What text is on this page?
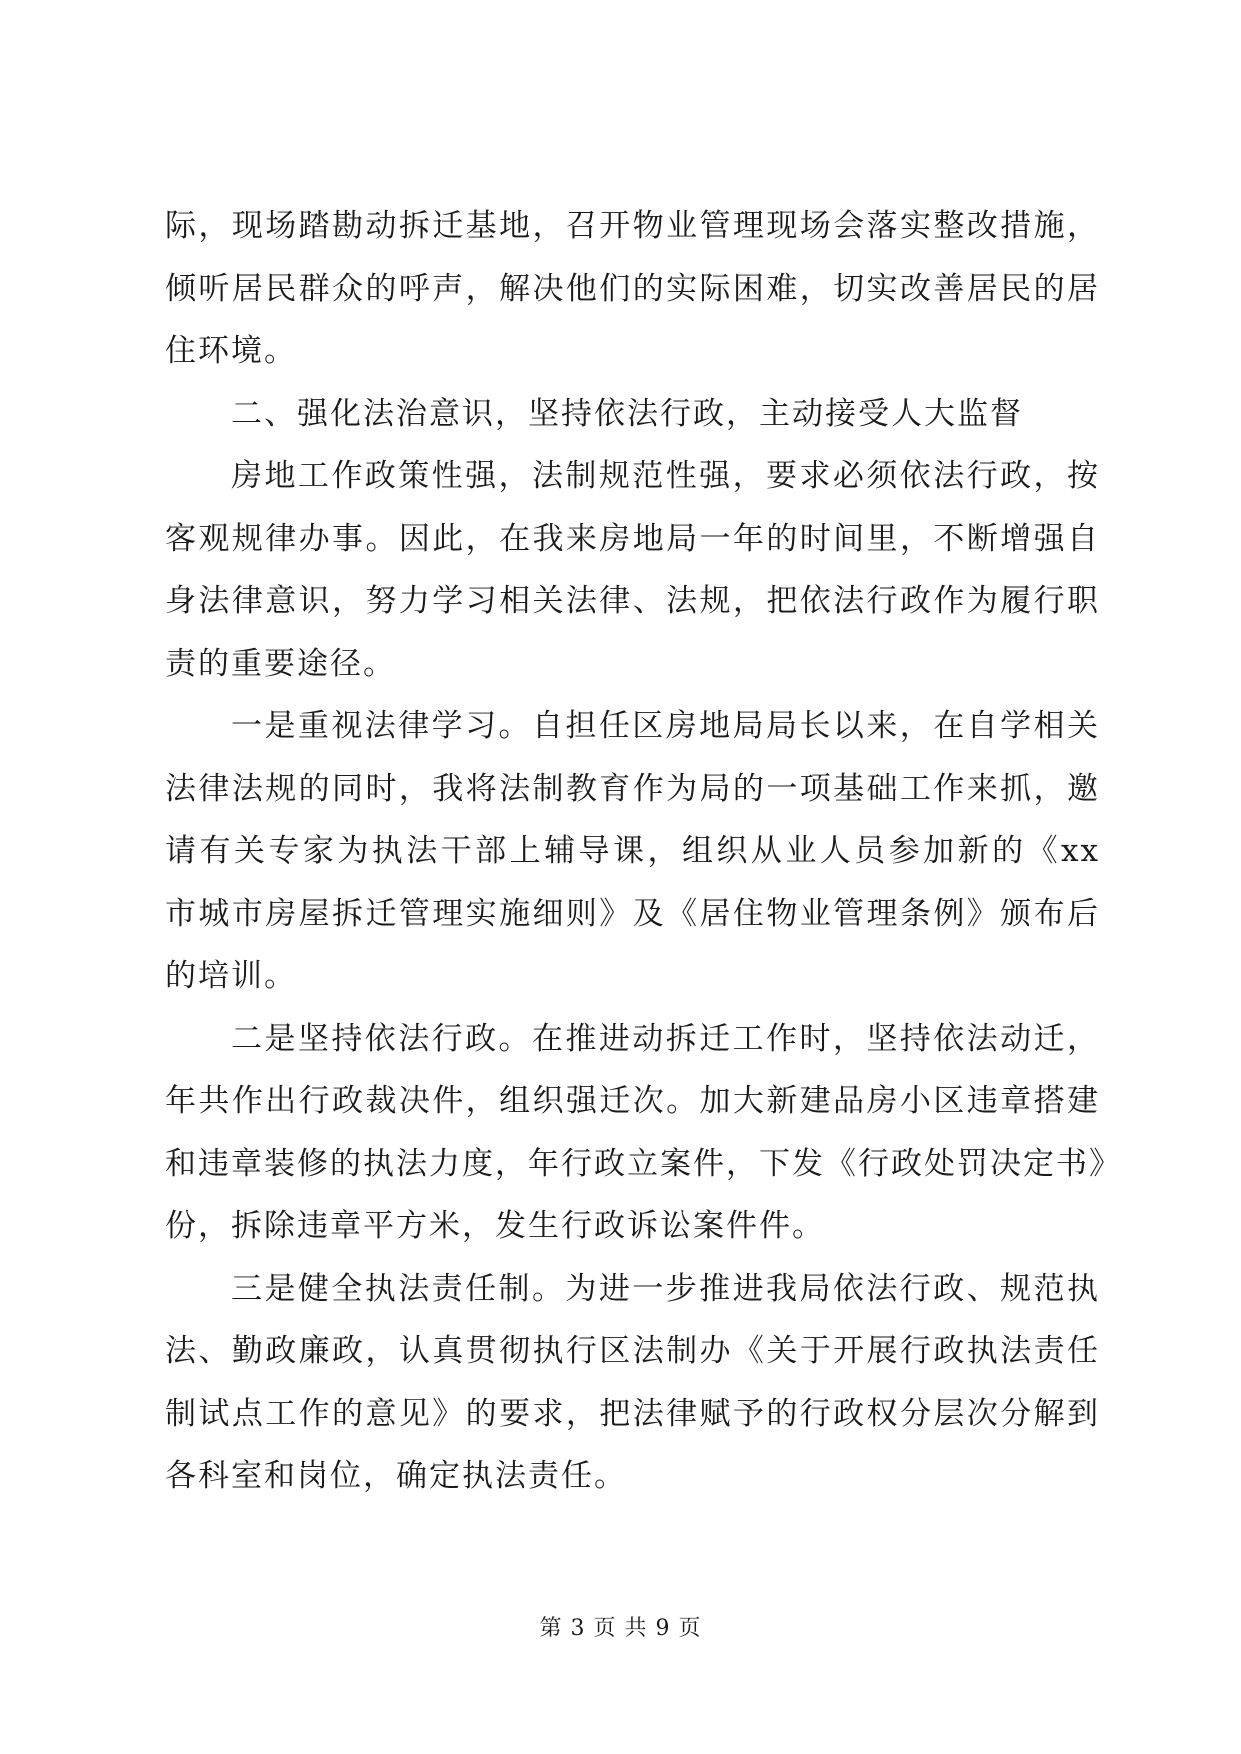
际，现场踏勘动拆迁基地，召开物业管理现场会落实整改措施，
倾听居民群众的呼声，解决他们的实际困难，切实改善居民的居
住环境。
二、强化法治意识，坚持依法行政，主动接受人大监督
房地工作政策性强，法制规范性强，要求必须依法行政，按
客观规律办事。因此，在我来房地局一年的时间里，不断增强自
身法律意识，努力学习相关法律、法规，把依法行政作为履行职
责的重要途径。
一是重视法律学习。自担任区房地局局长以来，在自学相关
法律法规的同时，我将法制教育作为局的一项基础工作来抓，邀
请有关专家为执法干部上辅导课，组织从业人员参加新的《xx
市城市房屋拆迁管理实施细则》及《居住物业管理条例》颁布后
的培训。
二是坚持依法行政。在推进动拆迁工作时，坚持依法动迁，
年共作出行政裁决件，组织强迁次。加大新建品房小区违章搭建
和违章装修的执法力度，年行政立案件，下发《行政处罚决定书》
份，拆除违章平方米，发生行政诉讼案件件。
三是健全执法责任制。为进一步推进我局依法行政、规范执
法、勤政廉政，认真贯彻执行区法制办《关于开展行政执法责任
制试点工作的意见》的要求，把法律赋予的行政权分层次分解到
各科室和岗位，确定执法责任。
第 3 页 共 9 页
